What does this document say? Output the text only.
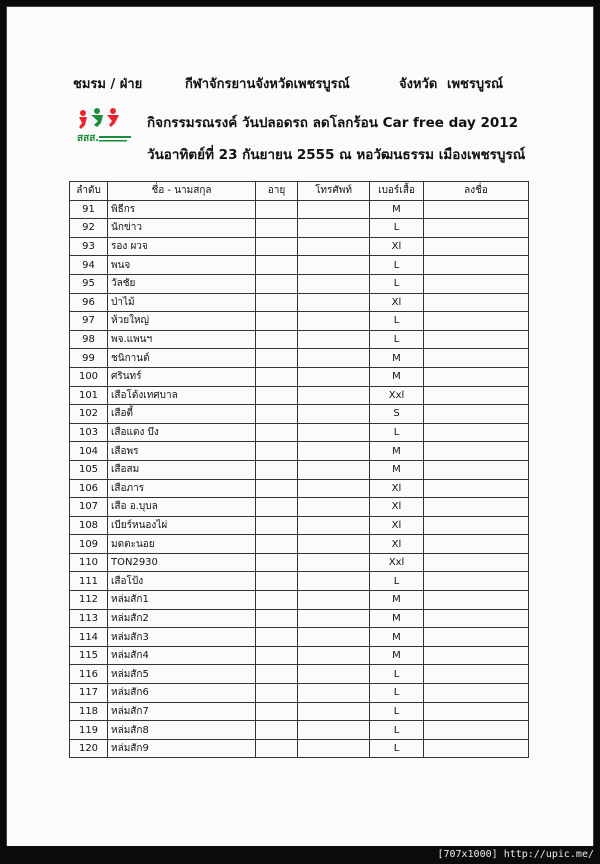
ชมรม / ฝ่าย	กีฬาจักรยานจังหวัดเพชรบูรณ์	จังหวัด เพชรบูรณ์
สสส.
กิจกรรมรณรงค์ วันปลอดรถ ลดโลกร้อน Car free day 2012
วันอาทิตย์ที่ 23 กันยายน 2555 ณ หอวัฒนธรรม เมืองเพชรบูรณ์
ลำดับ	ชื่อ - นามสกุล	อายุ	โทรศัพท์	เบอร์เสื้อ	ลงชื่อ
91	พิธีกร			M	
92	นักข่าว			L	
93	รอง ผวจ			Xl	
94	พนจ			L	
95	วัลชัย			L	
96	ป่าไม้			Xl	
97	ห้วยใหญ่			L	
98	พจ.แพนฯ			L	
99	ชนิกานต์			M	
100	ศรินทร์			M	
101	เสือโด้งเทศบาล			Xxl	
102	เสือตี้			S	
103	เสือแดง บึง			L	
104	เสือพร			M	
105	เสือสม			M	
106	เสือภาร			Xl	
107	เสือ อ.บุบล			Xl	
108	เบียร์หนองไผ่			Xl	
109	มดตะนอย			Xl	
110	TON2930			Xxl	
111	เสือโป้ง			L	
112	หล่มสัก1			M	
113	หล่มสัก2			M	
114	หล่มสัก3			M	
115	หล่มสัก4			M	
116	หล่มสัก5			L	
117	หล่มสัก6			L	
118	หล่มสัก7			L	
119	หล่มสัก8			L	
120	หล่มสัก9			L	
[707x1000] http://upic.me/
